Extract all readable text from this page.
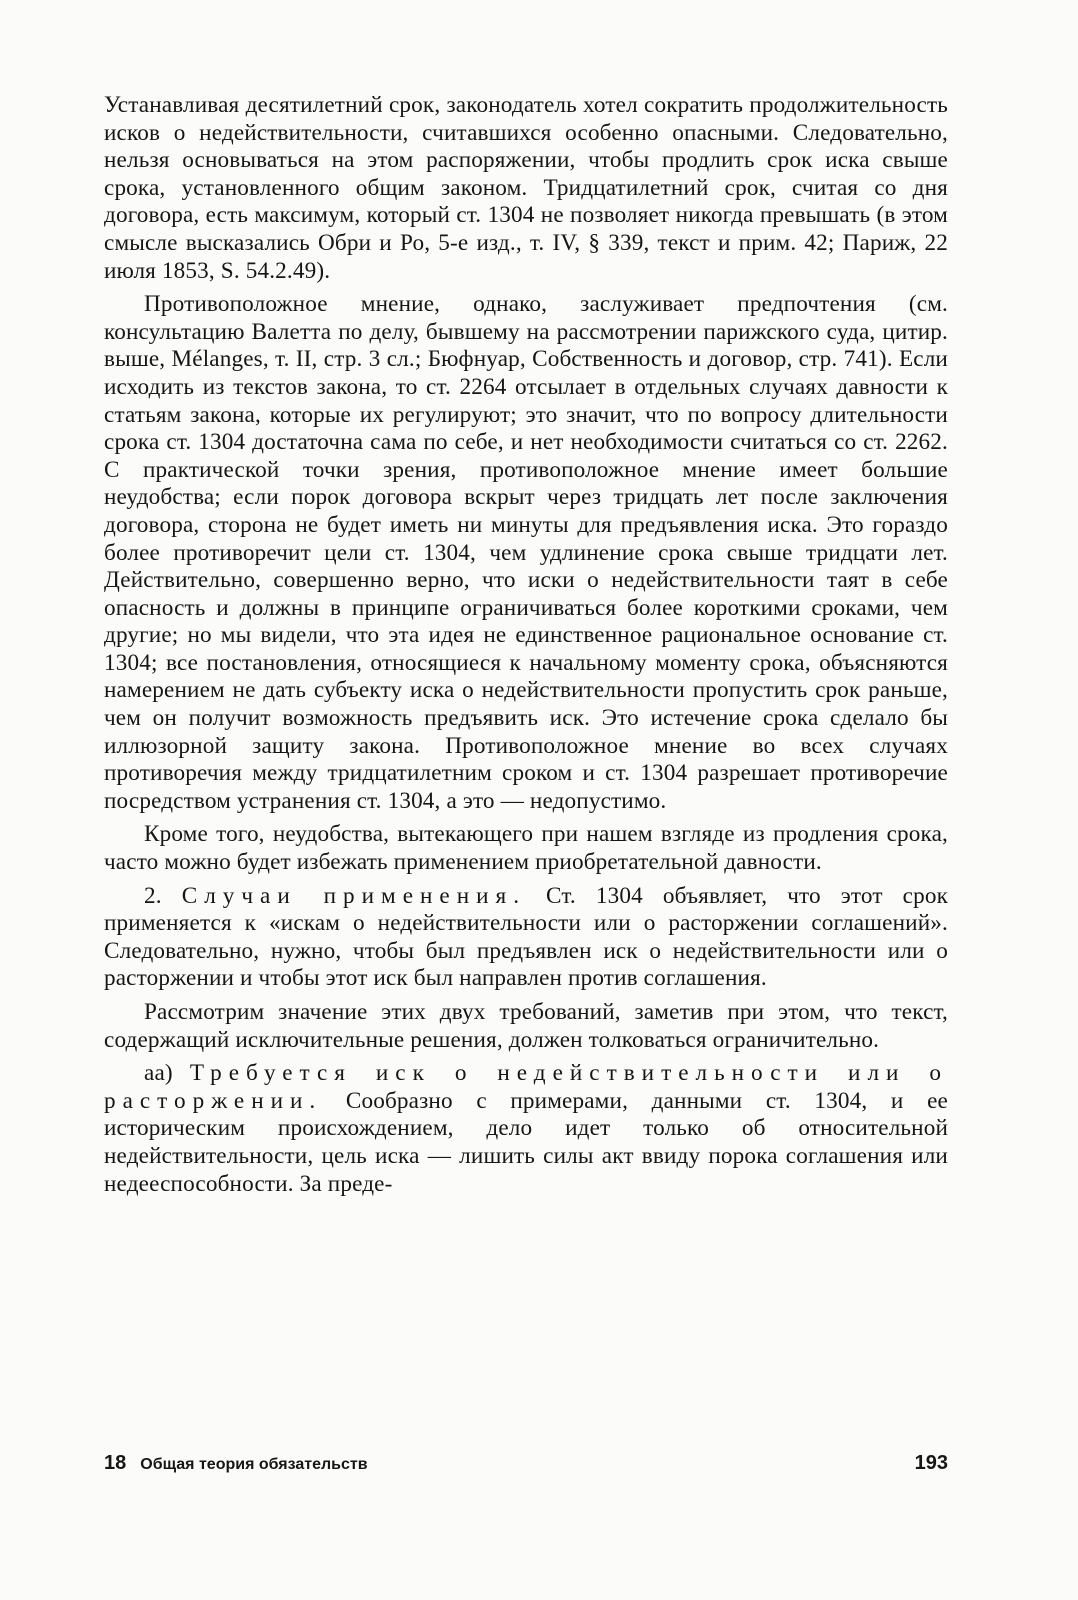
Устанавливая десятилетний срок, законодатель хотел сократить продолжительность исков о недействительности, считавшихся особенно опасными. Следовательно, нельзя основываться на этом распоряжении, чтобы продлить срок иска свыше срока, установленного общим законом. Тридцатилетний срок, считая со дня договора, есть максимум, который ст. 1304 не позволяет никогда превышать (в этом смысле высказались Обри и Ро, 5-е изд., т. IV, § 339, текст и прим. 42; Париж, 22 июля 1853, S. 54.2.49).

Противоположное мнение, однако, заслуживает предпочтения (см. консультацию Валетта по делу, бывшему на рассмотрении парижского суда, цитир. выше, Mélanges, т. II, стр. 3 сл.; Бюфнуар, Собственность и договор, стр. 741). Если исходить из текстов закона, то ст. 2264 отсылает в отдельных случаях давности к статьям закона, которые их регулируют; это значит, что по вопросу длительности срока ст. 1304 достаточна сама по себе, и нет необходимости считаться со ст. 2262. С практической точки зрения, противоположное мнение имеет большие неудобства; если порок договора вскрыт через тридцать лет после заключения договора, сторона не будет иметь ни минуты для предъявления иска. Это гораздо более противоречит цели ст. 1304, чем удлинение срока свыше тридцати лет. Действительно, совершенно верно, что иски о недействительности таят в себе опасность и должны в принципе ограничиваться более короткими сроками, чем другие; но мы видели, что эта идея не единственное рациональное основание ст. 1304; все постановления, относящиеся к начальному моменту срока, объясняются намерением не дать субъекту иска о недействительности пропустить срок раньше, чем он получит возможность предъявить иск. Это истечение срока сделало бы иллюзорной защиту закона. Противоположное мнение во всех случаях противоречия между тридцатилетним сроком и ст. 1304 разрешает противоречие посредством устранения ст. 1304, а это — недопустимо.

Кроме того, неудобства, вытекающего при нашем взгляде из продления срока, часто можно будет избежать применением приобретательной давности.

2. Случаи применения. Ст. 1304 объявляет, что этот срок применяется к «искам о недействительности или о расторжении соглашений». Следовательно, нужно, чтобы был предъявлен иск о недействительности или о расторжении и чтобы этот иск был направлен против соглашения.

Рассмотрим значение этих двух требований, заметив при этом, что текст, содержащий исключительные решения, должен толковаться ограничительно.

аа) Требуется иск о недействительности или о расторжении. Сообразно с примерами, данными ст. 1304, и ее историческим происхождением, дело идет только об относительной недействительности, цель иска — лишить силы акт ввиду порока соглашения или недееспособности. За преде-

18 Общая теория обязательств	193
